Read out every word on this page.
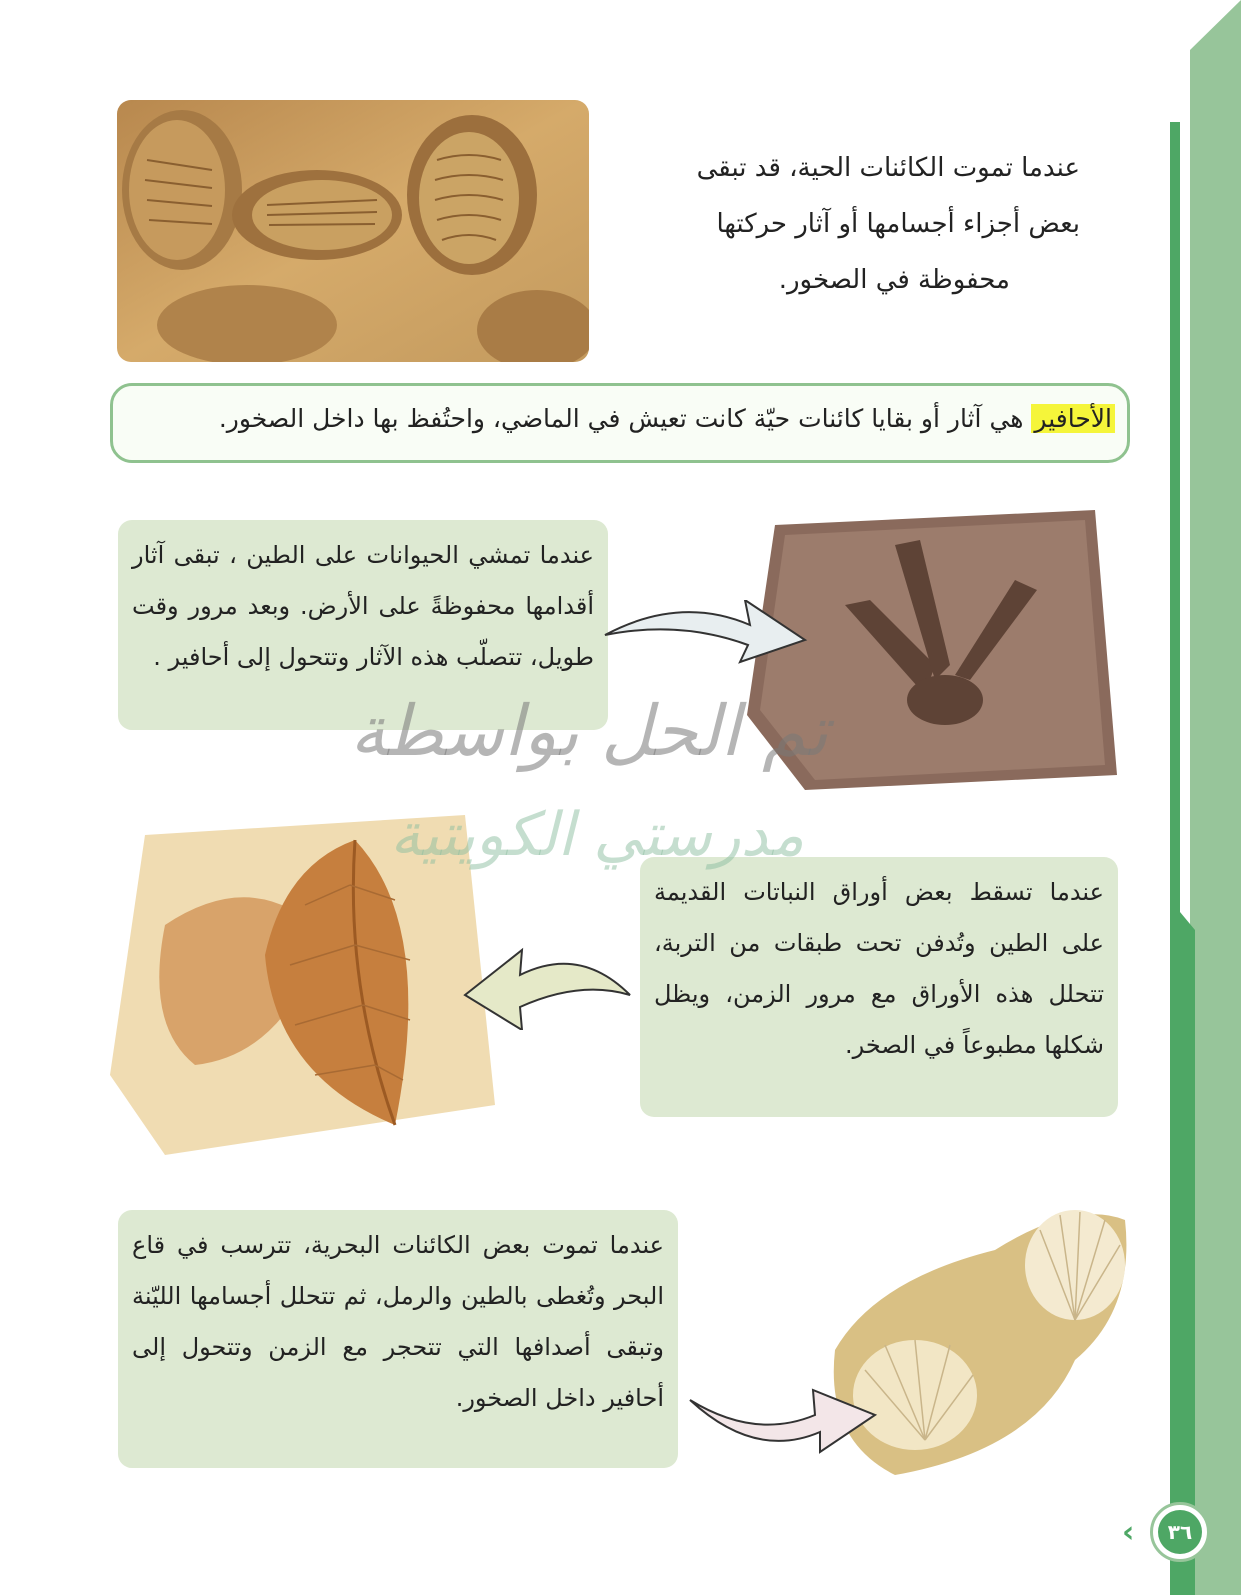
عندما تموت الكائنات الحية، قد تبقى
بعض أجزاء أجسامها أو آثار حركتها
محفوظة في الصخور.
الأحافير هي آثار أو بقايا كائنات حيّة كانت تعيش في الماضي، واحتُفظ بها داخل الصخور.
عندما تمشي الحيوانات على الطين ، تبقى آثار أقدامها محفوظةً على الأرض. وبعد مرور وقت طويل، تتصلّب هذه الآثار وتتحول إلى أحافير .
عندما تسقط بعض أوراق النباتات القديمة على الطين وتُدفن تحت طبقات من التربة، تتحلل هذه الأوراق مع مرور الزمن، ويظل شكلها مطبوعاً في الصخر.
عندما تموت بعض الكائنات البحرية، تترسب في قاع البحر وتُغطى بالطين والرمل، ثم تتحلل أجسامها الليّنة وتبقى أصدافها التي تتحجر مع الزمن وتتحول إلى أحافير داخل الصخور.
تم الحل بواسطة
مدرستي الكويتية
‹	٣٦
